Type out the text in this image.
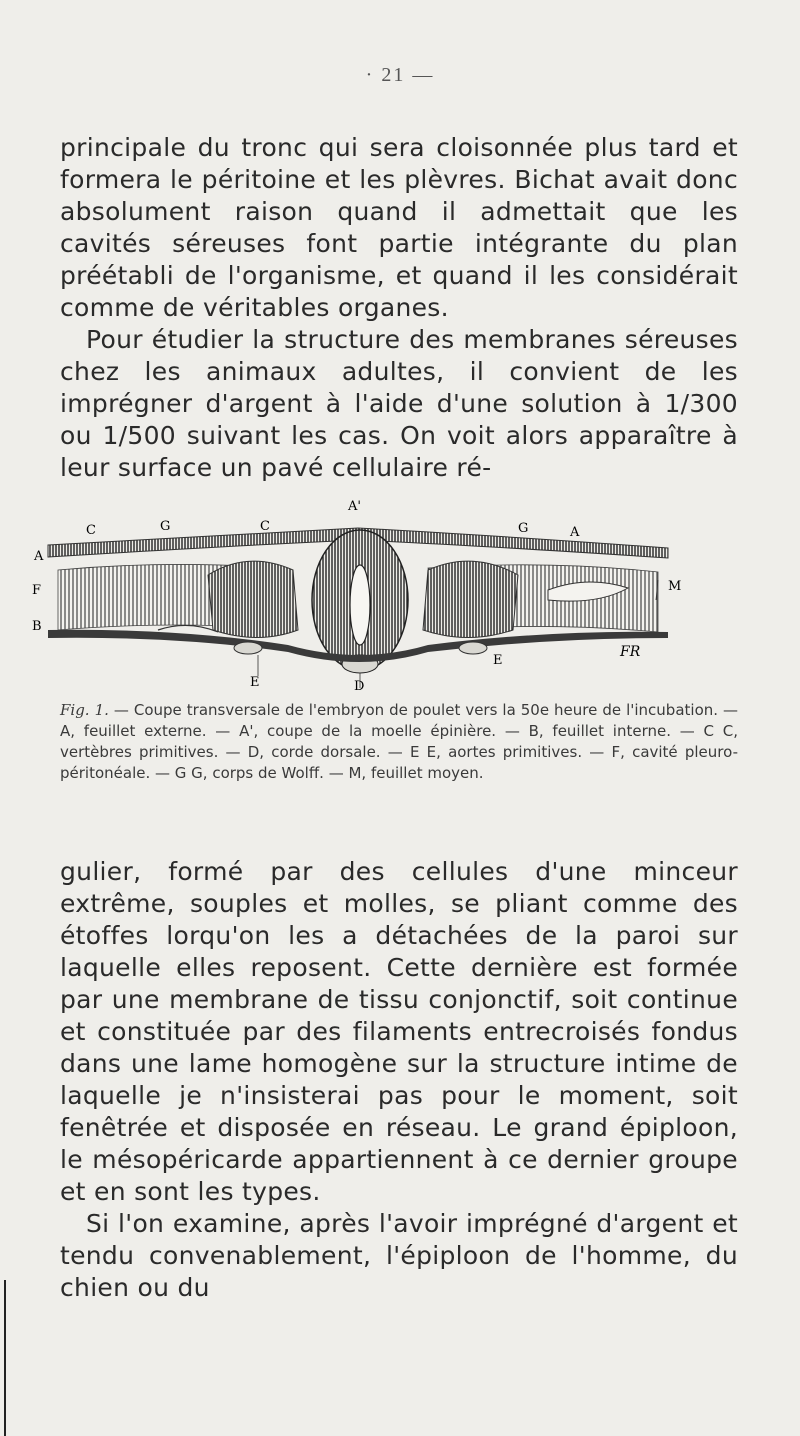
· 21 —

principale du tronc qui sera cloisonnée plus tard et formera le péritoine et les plèvres. Bichat avait donc absolument raison quand il admettait que les cavités séreuses font partie intégrante du plan préétabli de l'organisme, et quand il les considérait comme de véritables organes.

Pour étudier la structure des membranes séreuses chez les animaux adultes, il convient de les imprégner d'argent à l'aide d'une solution à 1/300 ou 1/500 suivant les cas. On voit alors apparaître à leur surface un pavé cellulaire ré-

A'
C	G	C	G	A
A
F
B
E	D
E
M
FR
Fig. 1. — Coupe transversale de l'embryon de poulet vers la 50e heure de l'incubation. — A, feuillet externe. — A', coupe de la moelle épinière. — B, feuillet interne. — C C, vertèbres primitives. — D, corde dorsale. — E E, aortes primitives. — F, cavité pleuro-péritonéale. — G G, corps de Wolff. — M, feuillet moyen.

gulier, formé par des cellules d'une minceur extrême, souples et molles, se pliant comme des étoffes lorqu'on les a détachées de la paroi sur laquelle elles reposent. Cette dernière est formée par une membrane de tissu conjonctif, soit continue et constituée par des filaments entrecroisés fondus dans une lame homogène sur la structure intime de laquelle je n'insisterai pas pour le moment, soit fenêtrée et disposée en réseau. Le grand épiploon, le mésopéricarde appartiennent à ce dernier groupe et en sont les types.

Si l'on examine, après l'avoir imprégné d'argent et tendu convenablement, l'épiploon de l'homme, du chien ou du
